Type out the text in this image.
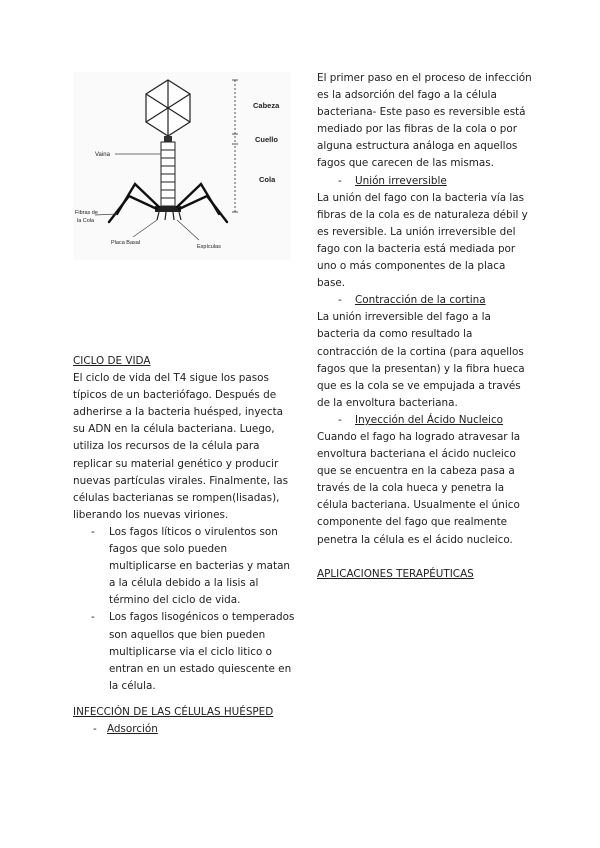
Cabeza
Cuello
Cola
Vaina
Fibras de
la Cola
Placa Basal
Espículas

CICLO DE VIDA

El ciclo de vida del T4 sigue los pasos típicos de un bacteriófago. Después de adherirse a la bacteria huésped, inyecta su ADN en la célula bacteriana. Luego, utiliza los recursos de la célula para replicar su material genético y producir nuevas partículas virales. Finalmente, las células bacterianas se rompen(lisadas), liberando los nuevas viriones.

-	Los fagos líticos o virulentos son fagos que solo pueden multiplicarse en bacterias y matan a la célula debido a la lisis al término del ciclo de vida.
-	Los fagos lisogénicos o temperados son aquellos que bien pueden multiplicarse via el ciclo litico o entran en un estado quiescente en la célula.

INFECCIÓN DE LAS CÉLULAS HUÉSPED

- Adsorción

El primer paso en el proceso de infección es la adsorción del fago a la célula bacteriana- Este paso es reversible está mediado por las fibras de la cola o por alguna estructura análoga en aquellos fagos que carecen de las mismas.

-	Unión irreversible

La unión del fago con la bacteria vía las fibras de la cola es de naturaleza débil y es reversible. La unión irreversible del fago con la bacteria está mediada por uno o más componentes de la placa base.

-	Contracción de la cortina

La unión irreversible del fago a la bacteria da como resultado la contracción de la cortina (para aquellos fagos que la presentan) y la fibra hueca que es la cola se ve empujada a través de la envoltura bacteriana.

-	Inyección del Ácido Nucleico

Cuando el fago ha logrado atravesar la envoltura bacteriana el ácido nucleico que se encuentra en la cabeza pasa a través de la cola hueca y penetra la célula bacteriana. Usualmente el único componente del fago que realmente penetra la célula es el ácido nucleico.

APLICACIONES TERAPÉUTICAS
